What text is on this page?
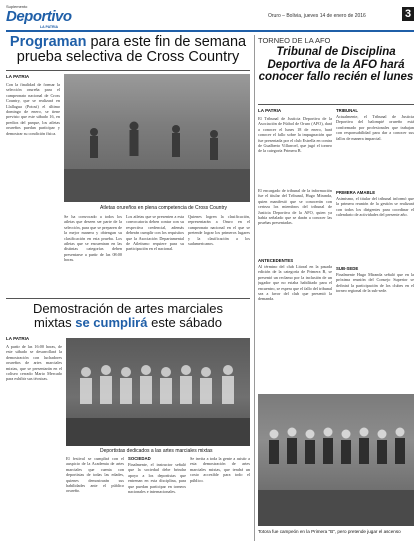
Suplemento
Deportivo
LA PATRIA
Oruro – Bolivia, jueves 14 de enero de 2016	3
Programan para este fin de semana prueba selectiva de Cross Country
LA PATRIA
Con la finalidad de formar la selección orureña para el campeonato nacional de Cross Country, que se realizará en Llallagua (Potosí) el último domingo de enero, se tiene previsto que este sábado 16, en predios del parque, los atletas orureños puedan participar y demostrar su condición física.
Atletas orureños en plena competencia de Cross Country
Se ha convocado a todos los atletas que deseen ser parte de la selección, para que se preparen de la mejor manera y obtengan su clasificación en esta prueba. Los atletas que se encuentran en las distintas categorías deben presentarse a partir de las 08:00 horas.
Los atletas que se presenten a esta convocatoria deben contar con su respectiva credencial, además deberán cumplir con los requisitos que la Asociación Departamental de Atletismo requiere para su participación en el nacional.
Quienes logren la clasificación, representarán a Oruro en el campeonato nacional en el que se pretende lograr los primeros lugares y la clasificación a los sudamericanos.
Demostración de artes marciales
mixtas se cumplirá este sábado
LA PATRIA
A partir de las 16:00 horas, de este sábado se desarrollará la demostración con luchadores orureños de artes marciales mixtas, que se presentarán en el coliseo cerrado Mario Mercado para exhibir sus técnicas.
Deportistas dedicados a las artes marciales mixtas
El festival se cumplirá con el auspicio de la Academia de artes marciales que cuenta con deportistas de todas las edades, quienes demostrarán sus habilidades ante el público orureño.
SOCIEDAD
Finalmente, el instructor señaló que la sociedad debe brindar apoyo a los deportistas que entrenan en esta disciplina, para que puedan participar en torneos nacionales e internacionales.
Se invita a toda la gente a asistir a esta demostración de artes marciales mixtas, que tendrá un costo accesible para todo el público.
TORNEO DE LA AFO
Tribunal de Disciplina Deportiva de la AFO hará conocer fallo recién el lunes
LA PATRIA
El Tribunal de Justicia Deportiva de la Asociación de Fútbol de Oruro (AFO), dará a conocer el lunes 18 de enero, hará conocer el fallo sobre la impugnación que fue presentada por el club Estrella en contra de Gualberto Villarroel, que jugó el torneo de la categoría Primera B.
El encargado de tribunal de la información fue el titular del Tribunal, Hugo Miranda, quien manifestó que se conocerán con certeza los miembros del tribunal de Justicia Deportiva de la AFO, quien ya había señalado que se darán a conocer las pruebas presentadas.
ANTECEDENTES
Al término del club Litoral en la pasada edición de la categoría de Primera B, se presentó un reclamo por la inclusión de un jugador que no estaba habilitado para el encuentro, se espera que el fallo del tribunal sea a favor del club que presentó la demanda.
TRIBUNAL
Actualmente, el Tribunal de Justicia Deportiva del balompié orureño está conformado por profesionales que trabajan con responsabilidad para dar a conocer sus fallos de manera imparcial.
PRIMERA AMABLE
Asimismo, el titular del tribunal informó que la primera reunión de la gestión se realizará con todos los dirigentes para coordinar el calendario de actividades del presente año.
SUB-SEDE
Finalmente Hugo Miranda señaló que en la próxima reunión del Consejo Superior se definirá la participación de los clubes en el torneo regional de la sub-sede.
Totora fue campeón en la Primera "B", pero pretende jugar el ascenso
